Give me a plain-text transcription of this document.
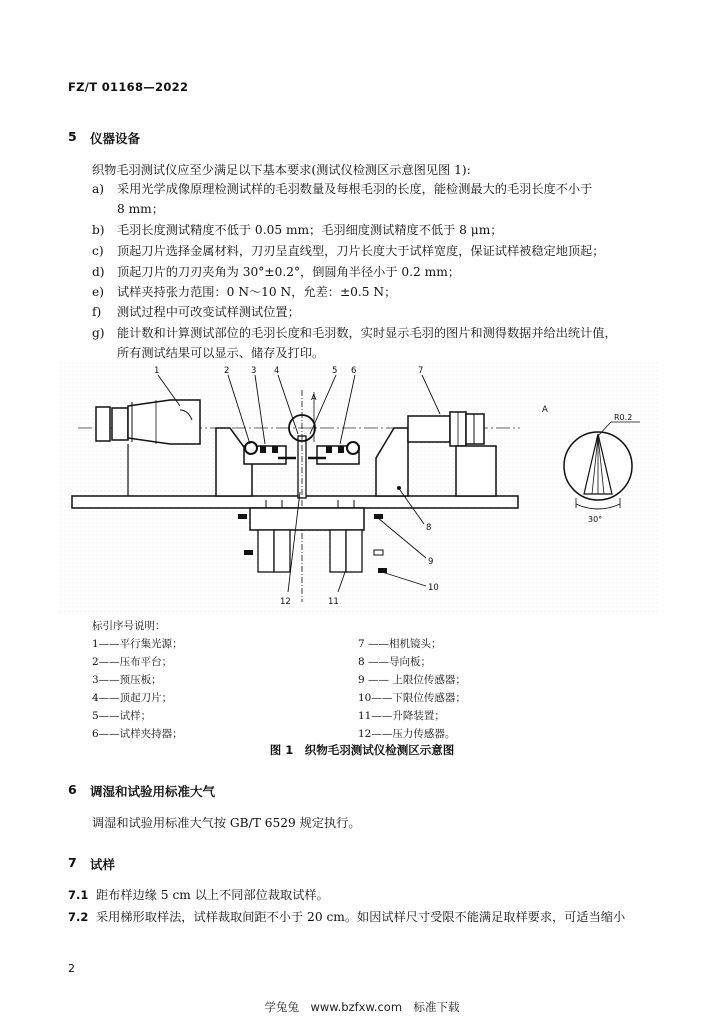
FZ/T 01168—2022
5 仪器设备
织物毛羽测试仪应至少满足以下基本要求(测试仪检测区示意图见图 1):
a) 采用光学成像原理检测试样的毛羽数量及每根毛羽的长度，能检测最大的毛羽长度不小于
8 mm；
b) 毛羽长度测试精度不低于 0.05 mm；毛羽细度测试精度不低于 8 μm；
c) 顶起刀片选择金属材料，刀刃呈直线型，刀片长度大于试样宽度，保证试样被稳定地顶起；
d) 顶起刀片的刀刃夹角为 30°±0.2°，倒圆角半径小于 0.2 mm；
e) 试样夹持张力范围：0 N～10 N，允差：±0.5 N；
f) 测试过程中可改变试样测试位置；
g) 能计数和计算测试部位的毛羽长度和毛羽数，实时显示毛羽的图片和测得数据并给出统计值，
所有测试结果可以显示、储存及打印。
A
1	2	3 4	5 6	7
8
9
10
11
12
A
R0.2
30°
标引序号说明：
1——平行集光源；
2——压布平台；
3——预压板；
4——顶起刀片；
5——试样；
6——试样夹持器；
7 ——相机镜头；
8 ——导向板；
9 —— 上限位传感器；
10——下限位传感器；
11——升降装置；
12——压力传感器。
图 1　织物毛羽测试仪检测区示意图
6 调湿和试验用标准大气
调湿和试验用标准大气按 GB/T 6529 规定执行。
7 试样
7.1 距布样边缘 5 cm 以上不同部位裁取试样。
7.2 采用梯形取样法，试样裁取间距不小于 20 cm。如因试样尺寸受限不能满足取样要求，可适当缩小
2
学兔兔　www.bzfxw.com　标准下载
